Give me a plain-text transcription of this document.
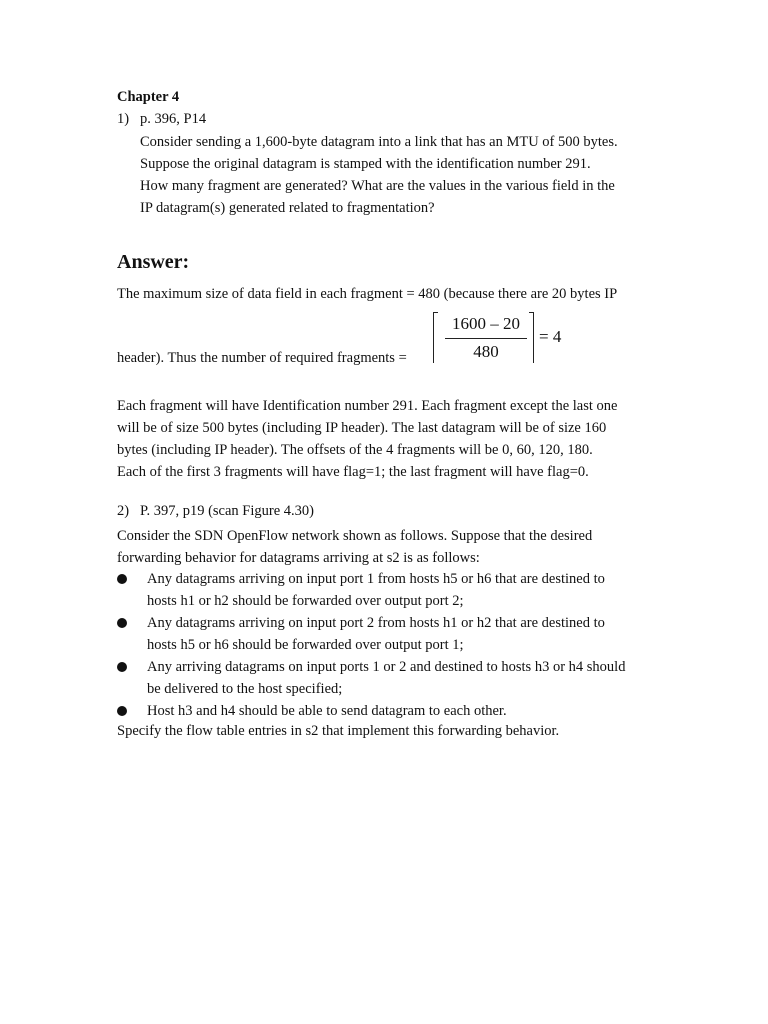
Chapter 4
1) p. 396, P14
Consider sending a 1,600-byte datagram into a link that has an MTU of 500 bytes.
Suppose the original datagram is stamped with the identification number 291.
How many fragment are generated? What are the values in the various field in the
IP datagram(s) generated related to fragmentation?
Answer:
The maximum size of data field in each fragment = 480 (because there are 20 bytes IP
1600 – 20
480
= 4
header). Thus the number of required fragments =
Each fragment will have Identification number 291. Each fragment except the last one
will be of size 500 bytes (including IP header). The last datagram will be of size 160
bytes (including IP header). The offsets of the 4 fragments will be 0, 60, 120, 180.
Each of the first 3 fragments will have flag=1; the last fragment will have flag=0.
2) P. 397, p19 (scan Figure 4.30)
Consider the SDN OpenFlow network shown as follows. Suppose that the desired
forwarding behavior for datagrams arriving at s2 is as follows:
Any datagrams arriving on input port 1 from hosts h5 or h6 that are destined to
hosts h1 or h2 should be forwarded over output port 2;
Any datagrams arriving on input port 2 from hosts h1 or h2 that are destined to
hosts h5 or h6 should be forwarded over output port 1;
Any arriving datagrams on input ports 1 or 2 and destined to hosts h3 or h4 should
be delivered to the host specified;
Host h3 and h4 should be able to send datagram to each other.
Specify the flow table entries in s2 that implement this forwarding behavior.
